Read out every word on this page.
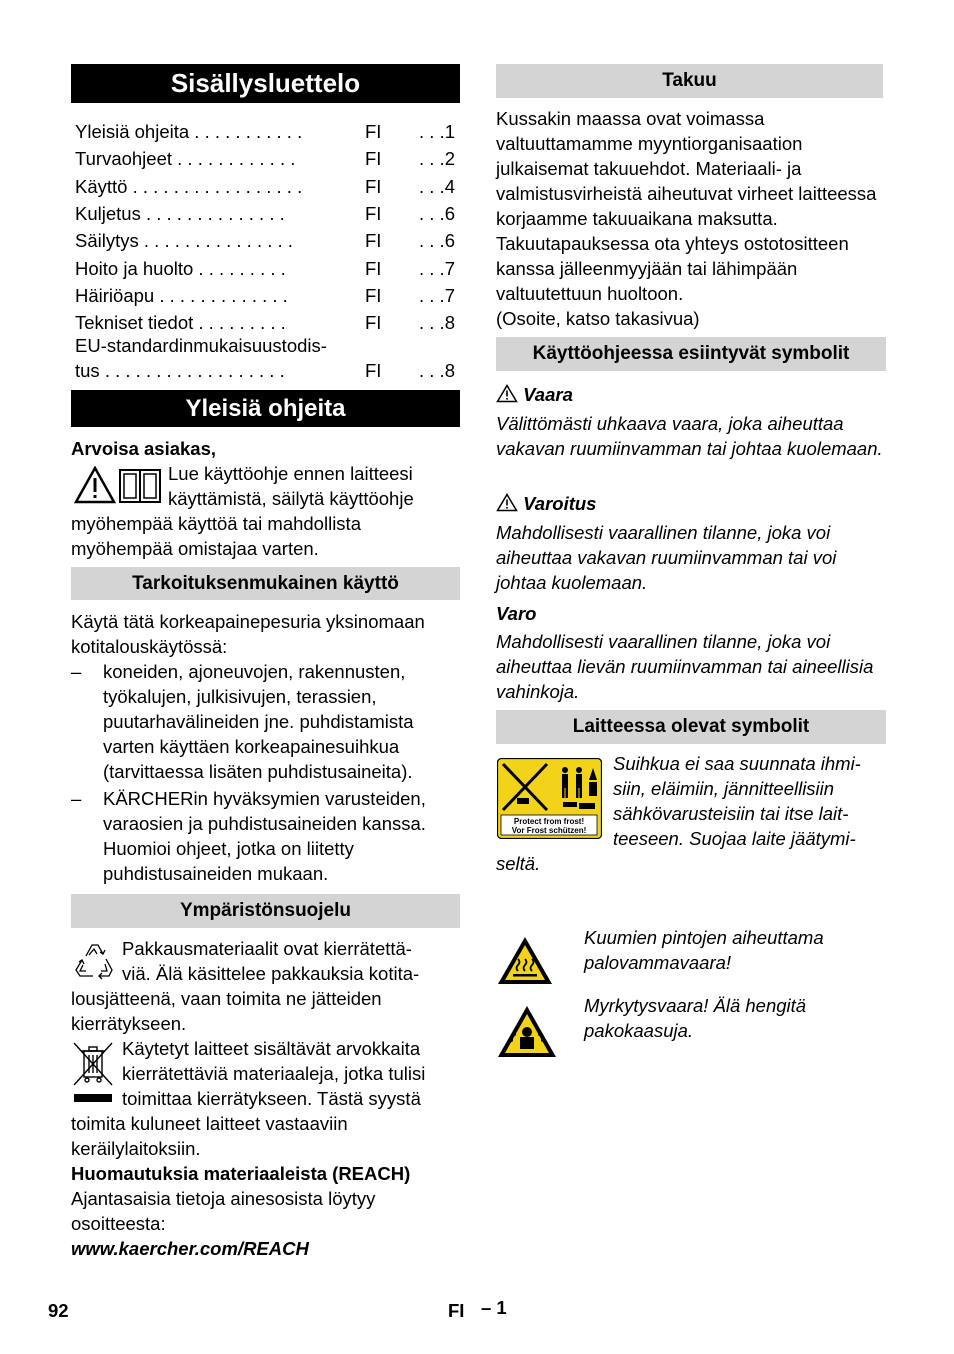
Sisällysluettelo
Yleisiä ohjeita . . . . . . . . . . .	FI	. . .1
Turvaohjeet . . . . . . . . . . . .	FI	. . .2
Käyttö . . . . . . . . . . . . . . . . .	FI	. . .4
Kuljetus . . . . . . . . . . . . . .	FI	. . .6
Säilytys . . . . . . . . . . . . . . .	FI	. . .6
Hoito ja huolto . . . . . . . . .	FI	. . .7
Häiriöapu . . . . . . . . . . . . .	FI	. . .7
Tekniset tiedot . . . . . . . . .	FI	. . .8
EU-standardinmukaisuustodis-
tus . . . . . . . . . . . . . . . . . .	FI	. . .8
Yleisiä ohjeita
Arvoisa asiakas,
Lue käyttöohje ennen laitteesi
käyttämistä, säilytä käyttöohje
myöhempää käyttöä tai mahdollista myöhempää omistajaa varten.
Tarkoituksenmukainen käyttö
Käytä tätä korkeapainepesuria yksinomaan kotitalouskäytössä:
– koneiden, ajoneuvojen, rakennusten, työkalujen, julkisivujen, terassien, puutarhavälineiden jne. puhdistamista varten käyttäen korkeapainesuihkua (tarvittaessa lisäten puhdistusaineita).
– KÄRCHERin hyväksymien varusteiden, varaosien ja puhdistusaineiden kanssa. Huomioi ohjeet, jotka on liitetty puhdistusaineiden mukaan.
Ympäristönsuojelu
Pakkausmateriaalit ovat kierrätettä-
viä. Älä käsittelee pakkauksia kotita-
lousjätteenä, vaan toimita ne jätteiden kierrätykseen.
Käytetyt laitteet sisältävät arvokkaita
kierrätettäviä materiaaleja, jotka tulisi
toimittaa kierrätykseen. Tästä syystä
toimita kuluneet laitteet vastaaviin keräilylaitoksiin.
Huomautuksia materiaaleista (REACH)
Ajantasaisia tietoja ainesosista löytyy osoitteesta:
www.kaercher.com/REACH
Takuu
Kussakin maassa ovat voimassa valtuuttamamme myyntiorganisaation julkaisemat takuuehdot. Materiaali- ja valmistusvirheistä aiheutuvat virheet laitteessa korjaamme takuuaikana maksutta. Takuutapauksessa ota yhteys ostotositteen kanssa jälleenmyyjään tai lähimpään valtuutettuun huoltoon.
(Osoite, katso takasivua)
Käyttöohjeessa esiintyvät symbolit
Vaara
Välittömästi uhkaava vaara, joka aiheuttaa vakavan ruumiinvamman tai johtaa kuolemaan.
Varoitus
Mahdollisesti vaarallinen tilanne, joka voi aiheuttaa vakavan ruumiinvamman tai voi johtaa kuolemaan.
Varo
Mahdollisesti vaarallinen tilanne, joka voi aiheuttaa lievän ruumiinvamman tai aineellisia vahinkoja.
Laitteessa olevat symbolit
Protect from frost!
Vor Frost schützen!
Suihkua ei saa suunnata ihmi-
siin, eläimiin, jännitteellisiin
sähkövarusteisiin tai itse lait-
teeseen. Suojaa laite jäätymi-
seltä.
Kuumien pintojen aiheuttama palovammavaara!
Myrkytysvaara! Älä hengitä pakokaasuja.
92	FI – 1
